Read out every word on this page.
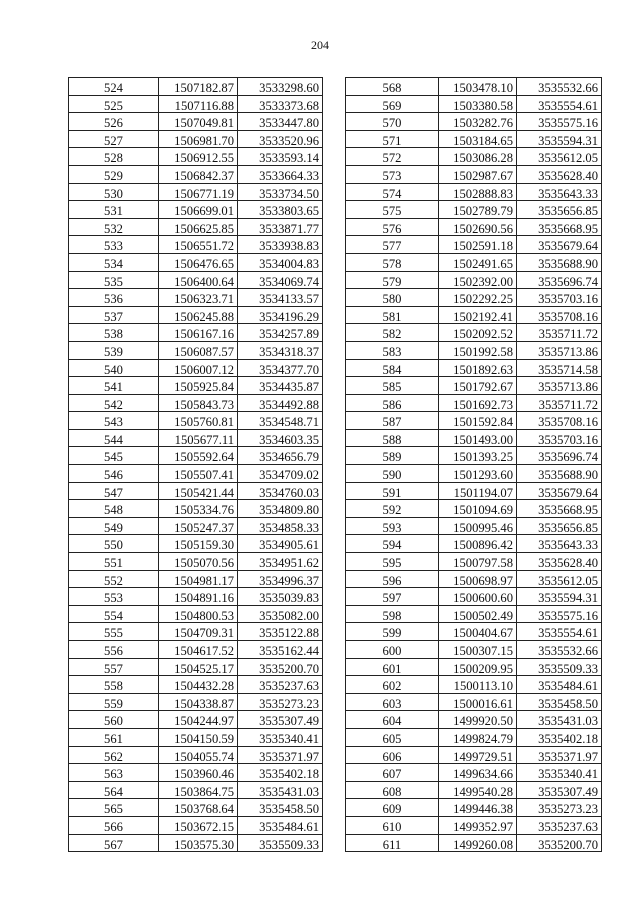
204
524	1507182.87	3533298.60
525	1507116.88	3533373.68
526	1507049.81	3533447.80
527	1506981.70	3533520.96
528	1506912.55	3533593.14
529	1506842.37	3533664.33
530	1506771.19	3533734.50
531	1506699.01	3533803.65
532	1506625.85	3533871.77
533	1506551.72	3533938.83
534	1506476.65	3534004.83
535	1506400.64	3534069.74
536	1506323.71	3534133.57
537	1506245.88	3534196.29
538	1506167.16	3534257.89
539	1506087.57	3534318.37
540	1506007.12	3534377.70
541	1505925.84	3534435.87
542	1505843.73	3534492.88
543	1505760.81	3534548.71
544	1505677.11	3534603.35
545	1505592.64	3534656.79
546	1505507.41	3534709.02
547	1505421.44	3534760.03
548	1505334.76	3534809.80
549	1505247.37	3534858.33
550	1505159.30	3534905.61
551	1505070.56	3534951.62
552	1504981.17	3534996.37
553	1504891.16	3535039.83
554	1504800.53	3535082.00
555	1504709.31	3535122.88
556	1504617.52	3535162.44
557	1504525.17	3535200.70
558	1504432.28	3535237.63
559	1504338.87	3535273.23
560	1504244.97	3535307.49
561	1504150.59	3535340.41
562	1504055.74	3535371.97
563	1503960.46	3535402.18
564	1503864.75	3535431.03
565	1503768.64	3535458.50
566	1503672.15	3535484.61
567	1503575.30	3535509.33
568	1503478.10	3535532.66
569	1503380.58	3535554.61
570	1503282.76	3535575.16
571	1503184.65	3535594.31
572	1503086.28	3535612.05
573	1502987.67	3535628.40
574	1502888.83	3535643.33
575	1502789.79	3535656.85
576	1502690.56	3535668.95
577	1502591.18	3535679.64
578	1502491.65	3535688.90
579	1502392.00	3535696.74
580	1502292.25	3535703.16
581	1502192.41	3535708.16
582	1502092.52	3535711.72
583	1501992.58	3535713.86
584	1501892.63	3535714.58
585	1501792.67	3535713.86
586	1501692.73	3535711.72
587	1501592.84	3535708.16
588	1501493.00	3535703.16
589	1501393.25	3535696.74
590	1501293.60	3535688.90
591	1501194.07	3535679.64
592	1501094.69	3535668.95
593	1500995.46	3535656.85
594	1500896.42	3535643.33
595	1500797.58	3535628.40
596	1500698.97	3535612.05
597	1500600.60	3535594.31
598	1500502.49	3535575.16
599	1500404.67	3535554.61
600	1500307.15	3535532.66
601	1500209.95	3535509.33
602	1500113.10	3535484.61
603	1500016.61	3535458.50
604	1499920.50	3535431.03
605	1499824.79	3535402.18
606	1499729.51	3535371.97
607	1499634.66	3535340.41
608	1499540.28	3535307.49
609	1499446.38	3535273.23
610	1499352.97	3535237.63
611	1499260.08	3535200.70
